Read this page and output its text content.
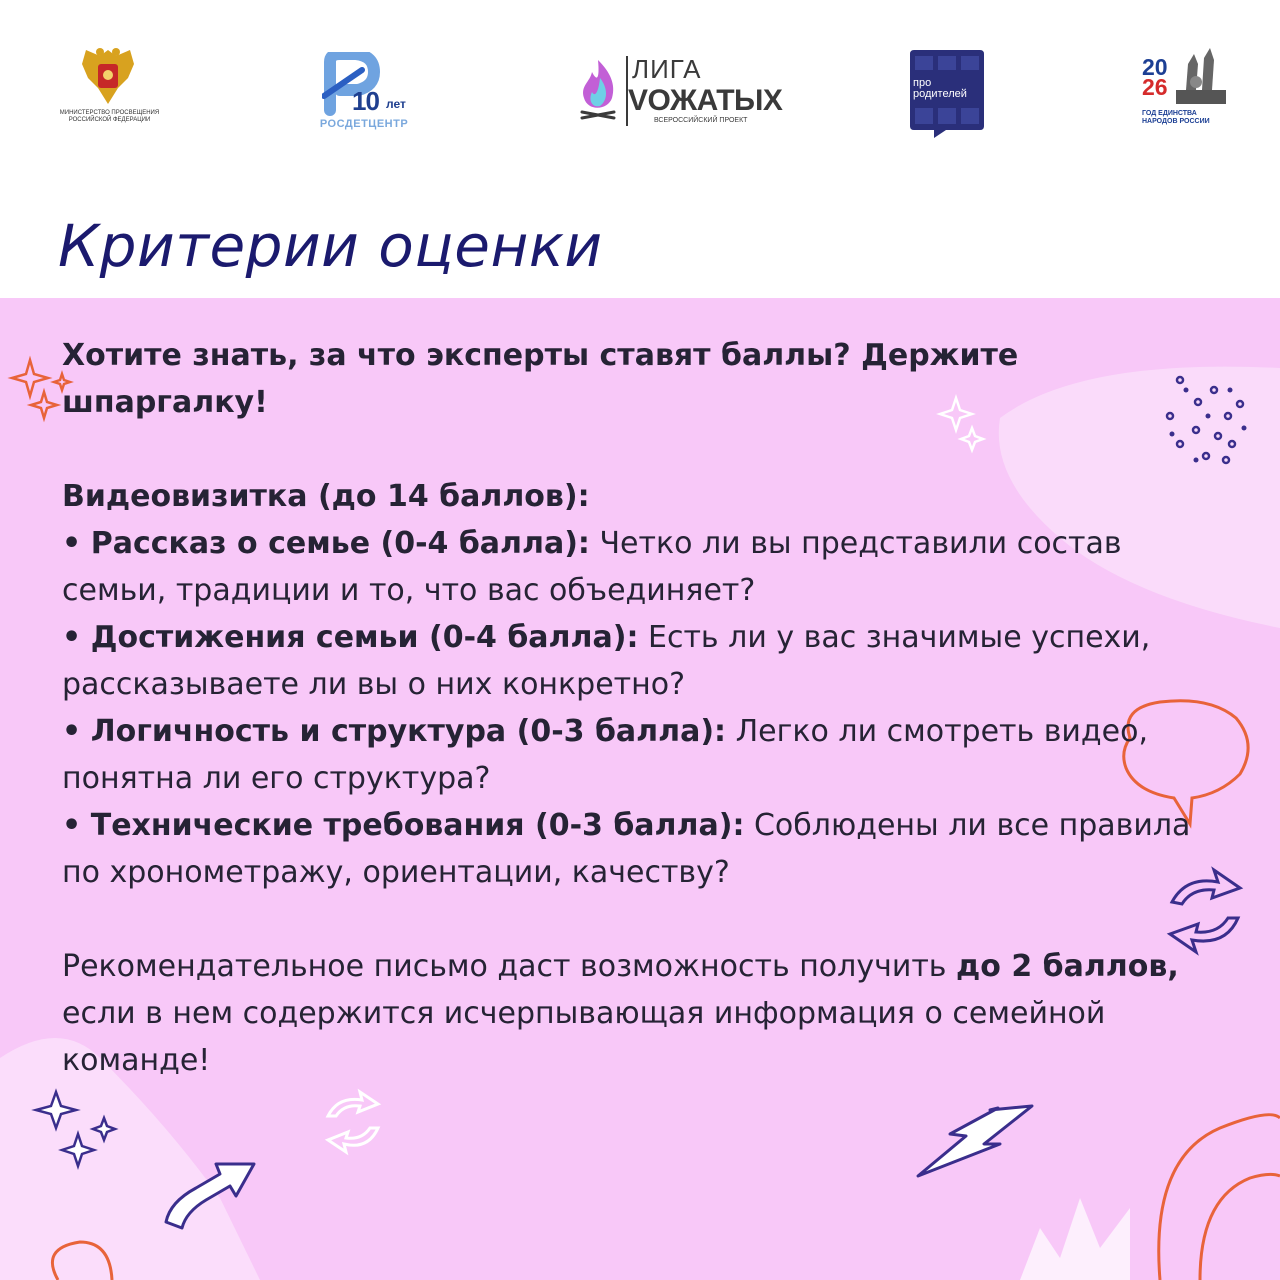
МИНИСТЕРСТВО ПРОСВЕЩЕНИЯ РОССИЙСКОЙ ФЕДЕРАЦИИ
10 лет
РОСДЕТЦЕНТР
ЛИГА
VОЖАТЫХ
ВСЕРОССИЙСКИЙ ПРОЕКТ
про
родителей
20
26
ГОД ЕДИНСТВА НАРОДОВ РОССИИ
Критерии оценки

Хотите знать, за что эксперты ставят баллы? Держите шпаргалку!

Видеовизитка (до 14 баллов):

• Рассказ о семье (0-4 балла): Четко ли вы представили состав семьи, традиции и то, что вас объединяет?

• Достижения семьи (0-4 балла): Есть ли у вас значимые успехи, рассказываете ли вы о них конкретно?

• Логичность и структура (0-3 балла): Легко ли смотреть видео, понятна ли его структура?

• Технические требования (0-3 балла): Соблюдены ли все правила по хронометражу, ориентации, качеству?

Рекомендательное письмо даст возможность получить до 2 баллов, если в нем содержится исчерпывающая информация о семейной команде!
